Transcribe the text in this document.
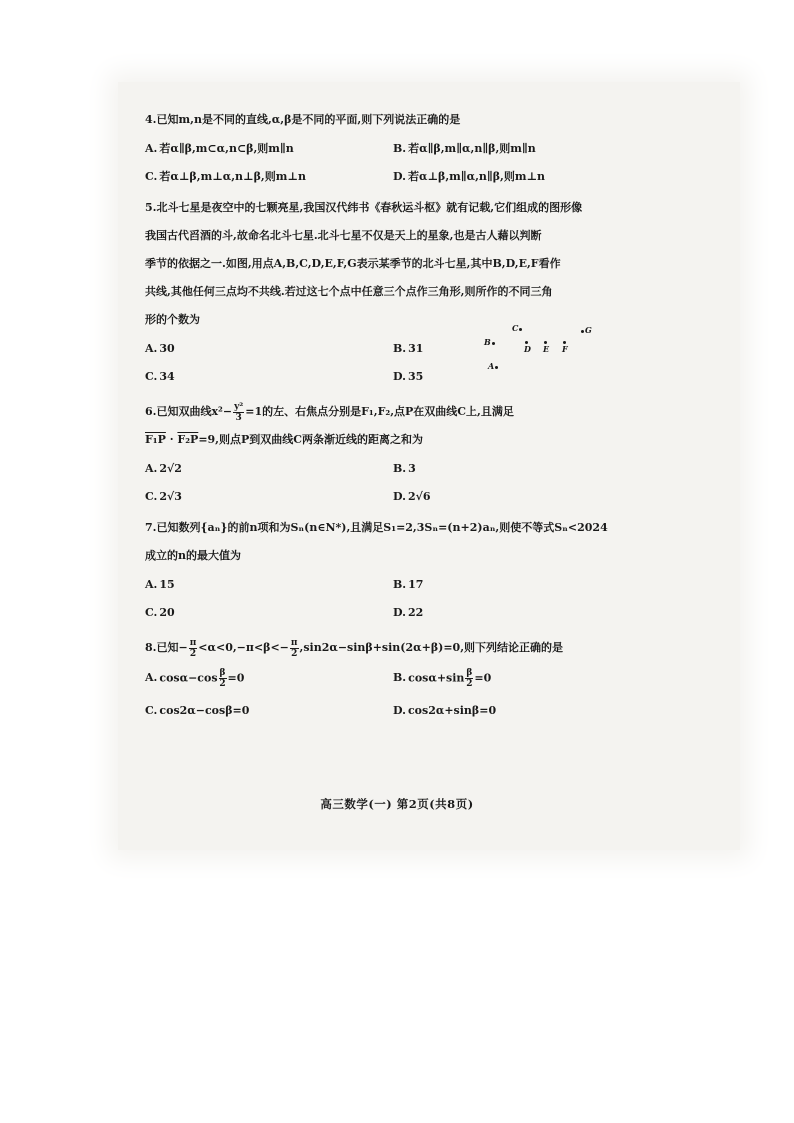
4.已知m,n是不同的直线,α,β是不同的平面,则下列说法正确的是
A. 若α∥β,m⊂α,n⊂β,则m∥n	B. 若α∥β,m∥α,n∥β,则m∥n
C. 若α⊥β,m⊥α,n⊥β,则m⊥n	D. 若α⊥β,m∥α,n∥β,则m⊥n
5.北斗七星是夜空中的七颗亮星,我国汉代纬书《春秋运斗枢》就有记载,它们组成的图形像
我国古代舀酒的斗,故命名北斗七星.北斗七星不仅是天上的星象,也是古人藉以判断
季节的依据之一.如图,用点A,B,C,D,E,F,G表示某季节的北斗七星,其中B,D,E,F看作
共线,其他任何三点均不共线.若过这七个点中任意三个点作三角形,则所作的不同三角
形的个数为
A. 30	B. 31
C. 34	D. 35
C	G
B

D E F
A
6.已知双曲线$x^2- \frac{\text{y²}}{3} =1$的左、右焦点分别是F₁,F₂,点P在双曲线C上,且满足
F₁P · F₂P=9,则点P到双曲线C两条渐近线的距离之和为
A. 2√2	B. 3
C. 2√3	D. 2√6
7.已知数列{aₙ}的前n项和为Sₙ(n∈N*),且满足S₁=2,3Sₙ=(n+2)aₙ,则使不等式Sₙ<2024
成立的n的最大值为
A. 15	B. 17
C. 20	D. 22
8.已知− $\frac{\pi}{2} <\alpha<0,-\pi<\beta<- \frac{\pi}{2} ,\sin 2\alpha-\sin\beta+\sin(2\alpha+\beta)=0$,则下列结论正确的是
A. $\cos\alpha-\cos \frac{\beta}{2} =0$	B. $\cos\alpha+\sin \frac{\beta}{2} =0$
C. cos2α−cosβ=0	D. cos2α+sinβ=0
高三数学(一) 第2页(共8页)
